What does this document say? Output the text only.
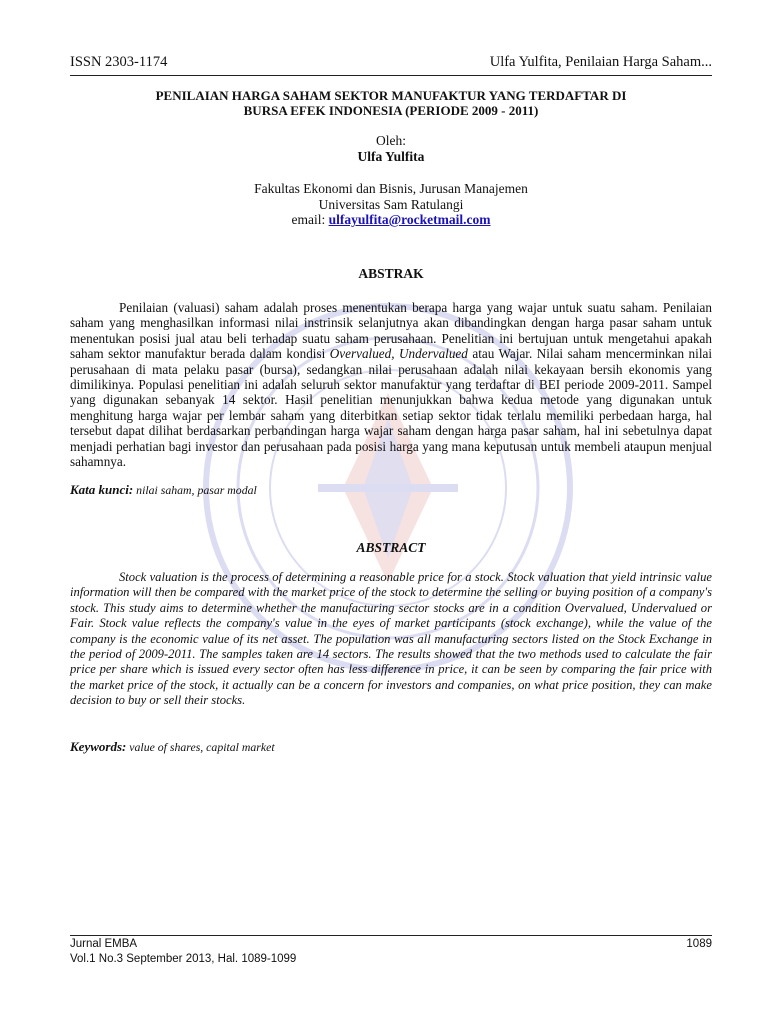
ISSN 2303-1174	Ulfa Yulfita, Penilaian Harga Saham...
PENILAIAN HARGA SAHAM SEKTOR MANUFAKTUR YANG TERDAFTAR DI
BURSA EFEK INDONESIA (PERIODE 2009 - 2011)
Oleh:
Ulfa Yulfita
Fakultas Ekonomi dan Bisnis, Jurusan Manajemen
Universitas Sam Ratulangi
email: ulfayulfita@rocketmail.com
ABSTRAK
Penilaian (valuasi) saham adalah proses menentukan berapa harga yang wajar untuk suatu saham. Penilaian saham yang menghasilkan informasi nilai instrinsik selanjutnya akan dibandingkan dengan harga pasar saham untuk menentukan posisi jual atau beli terhadap suatu saham perusahaan. Penelitian ini bertujuan untuk mengetahui apakah saham sektor manufaktur berada dalam kondisi Overvalued, Undervalued atau Wajar. Nilai saham mencerminkan nilai perusahaan di mata pelaku pasar (bursa), sedangkan nilai perusahaan adalah nilai kekayaan bersih ekonomis yang dimilikinya. Populasi penelitian ini adalah seluruh sektor manufaktur yang terdaftar di BEI periode 2009-2011. Sampel yang digunakan sebanyak 14 sektor. Hasil penelitian menunjukkan bahwa kedua metode yang digunakan untuk menghitung harga wajar per lembar saham yang diterbitkan setiap sektor tidak terlalu memiliki perbedaan harga, hal tersebut dapat dilihat berdasarkan perbandingan harga wajar saham dengan harga pasar saham, hal ini sebetulnya dapat menjadi perhatian bagi investor dan perusahaan pada posisi harga yang mana keputusan untuk membeli ataupun menjual sahamnya.
Kata kunci: nilai saham, pasar modal
ABSTRACT
Stock valuation is the process of determining a reasonable price for a stock. Stock valuation that yield intrinsic value information will then be compared with the market price of the stock to determine the selling or buying position of a company's stock. This study aims to determine whether the manufacturing sector stocks are in a condition Overvalued, Undervalued or Fair. Stock value reflects the company's value in the eyes of market participants (stock exchange), while the value of the company is the economic value of its net asset. The population was all manufacturing sectors listed on the Stock Exchange in the period of 2009-2011. The samples taken are 14 sectors. The results showed that the two methods used to calculate the fair price per share which is issued every sector often has less difference in price, it can be seen by comparing the fair price with the market price of the stock, it actually can be a concern for investors and companies, on what price position, they can make decision to buy or sell their stocks.
Keywords: value of shares, capital market
Jurnal EMBA	1089
Vol.1 No.3 September 2013, Hal. 1089-1099
